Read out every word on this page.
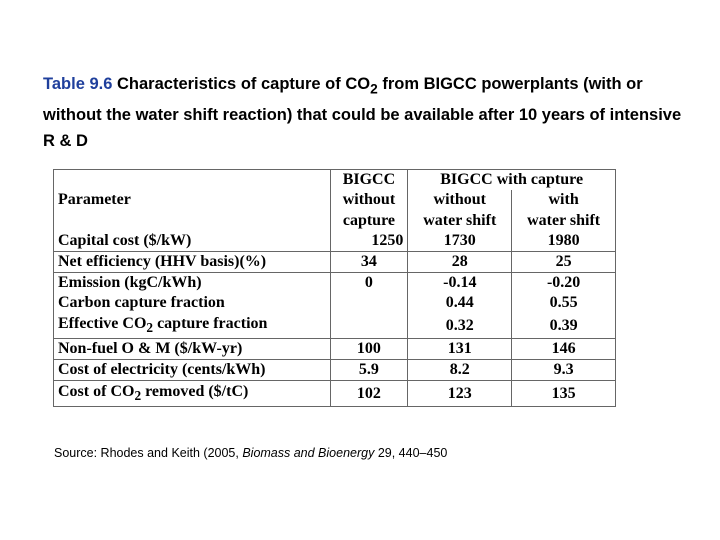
Table 9.6 Characteristics of capture of $CO_2$ from BIGCC powerplants (with or without the water shift reaction) that could be available after 10 years of intensive R & D

Parameter	BIGCC	BIGCC with capture	
	without	without	with
	capture	water shift	water shift
Capital cost ($/kW)	1250	1730	1980
Net efficiency (HHV basis)(%)	34	28	25
Emission (kgC/kWh)	0	-0.14	-0.20
Carbon capture fraction		0.44	0.55
Effective $CO_2$ capture fraction		0.32	0.39
Non-fuel O & M ($/kW-yr)	100	131	146
Cost of electricity (cents/kWh)	5.9	8.2	9.3
Cost of $CO_2$ removed ($/tC)	102	123	135

Source: Rhodes and Keith (2005, Biomass and Bioenergy 29, 440–450
